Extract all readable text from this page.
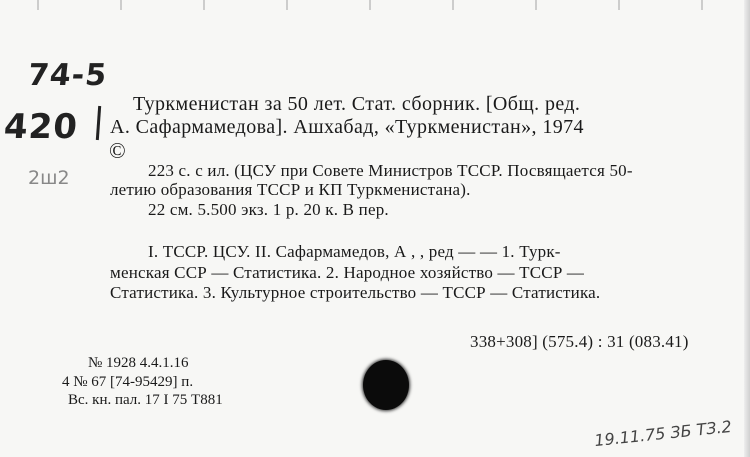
74-5
420
2ш2
Туркменистан за 50 лет. Стат. сборник. [Общ. ред.
А. Сафармамедова]. Ашхабад, «Туркменистан», 1974
©
223 с. с ил. (ЦСУ при Совете Министров ТССР. Посвящается 50-
летию образования ТССР и КП Туркменистана).
22 см. 5.500 экз. 1 р. 20 к. В пер.
I. ТССР. ЦСУ. II. Сафармамедов, А , , ред — — 1. Турк-
менская ССР — Статистика. 2. Народное хозяйство — ТССР —
Статистика. 3. Культурное строительство — ТССР — Статистика.
338+308] (575.4) : 31 (083.41)
№ 1928 4.4.1.16
4 № 67 [74-95429] п.
Вс. кн. пал. 17 I 75 Т881
19.11.75 ЗБ ТЗ.2
